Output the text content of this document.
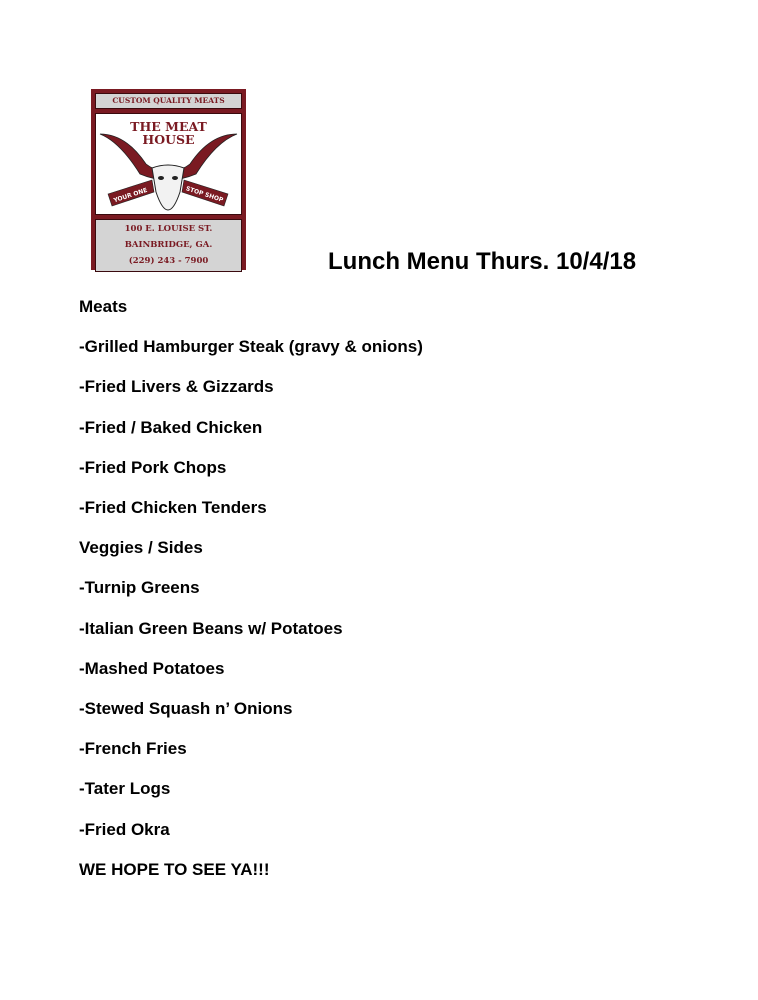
CUSTOM QUALITY MEATS
YOUR ONE	STOP SHOP
THE MEAT
HOUSE
100 E. LOUISE ST.
BAINBRIDGE, GA.
(229) 243 - 7900	Lunch Menu Thurs. 10/4/18
Meats
-Grilled Hamburger Steak (gravy & onions)
-Fried Livers & Gizzards
-Fried / Baked Chicken
-Fried Pork Chops
-Fried Chicken Tenders
Veggies / Sides
-Turnip Greens
-Italian Green Beans w/ Potatoes
-Mashed Potatoes
-Stewed Squash n’ Onions
-French Fries
-Tater Logs
-Fried Okra
WE HOPE TO SEE YA!!!
